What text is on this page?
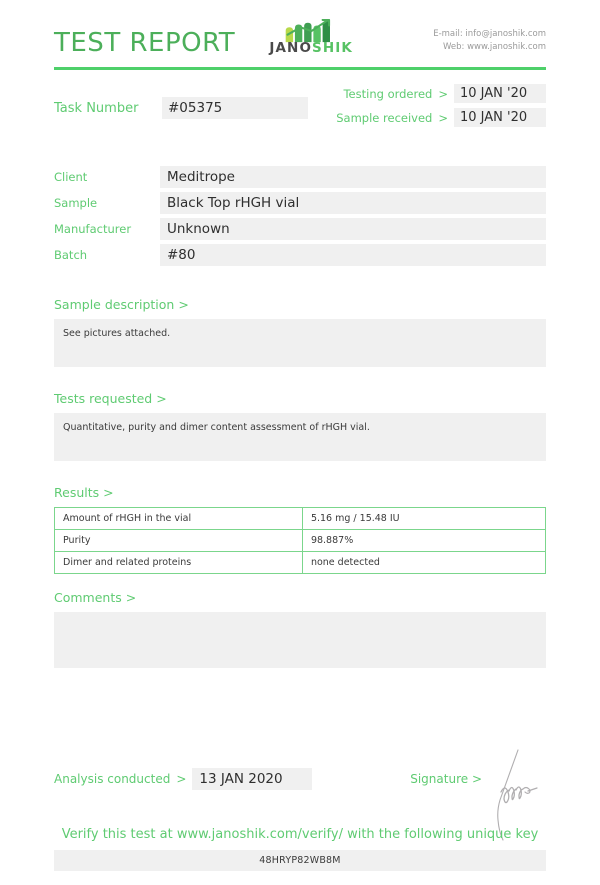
TEST REPORT	JANOSHIK
E-mail: info@janoshik.com
Web: www.janoshik.com
Task Number	#05375
Testing ordered > 10 JAN '20
Sample received > 10 JAN '20
Client	Meditrope
Sample	Black Top rHGH vial
Manufacturer	Unknown
Batch	#80
Sample description >
See pictures attached.
Tests requested >
Quantitative, purity and dimer content assessment of rHGH vial.
Results >
Amount of rHGH in the vial	5.16 mg / 15.48 IU
Purity	98.887%
Dimer and related proteins	none detected
Comments >
Analysis conducted > 13 JAN 2020	Signature >
Verify this test at www.janoshik.com/verify/ with the following unique key
48HRYP82WB8M
